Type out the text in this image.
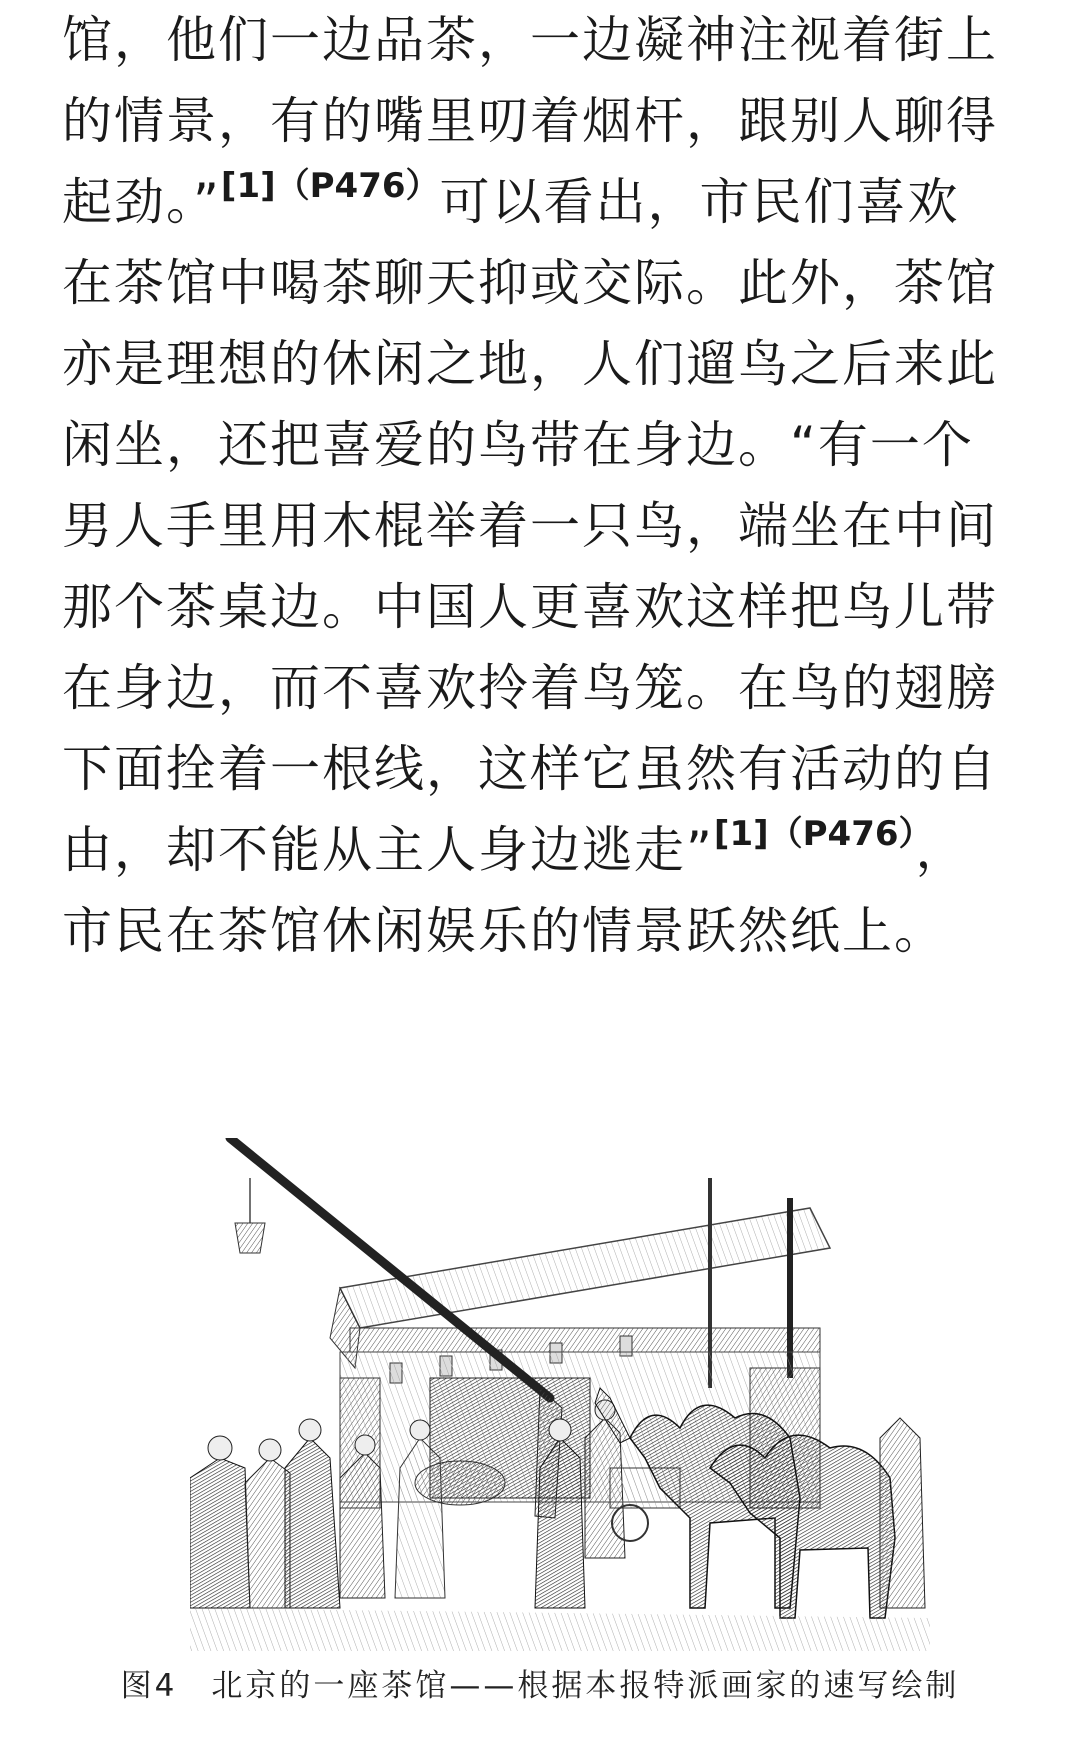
馆，他们一边品茶，一边凝神注视着街上
的情景，有的嘴里叨着烟杆，跟别人聊得
起劲。”$^{[1](P476)}$可以看出，市民们喜欢
在茶馆中喝茶聊天抑或交际。此外，茶馆
亦是理想的休闲之地，人们遛鸟之后来此
闲坐，还把喜爱的鸟带在身边。“有一个
男人手里用木棍举着一只鸟，端坐在中间
那个茶桌边。中国人更喜欢这样把鸟儿带
在身边，而不喜欢拎着鸟笼。在鸟的翅膀
下面拴着一根线，这样它虽然有活动的自
由，却不能从主人身边逃走”$^{[1](P476)}$，
市民在茶馆休闲娱乐的情景跃然纸上。
图4　北京的一座茶馆——根据本报特派画家的速写绘制
